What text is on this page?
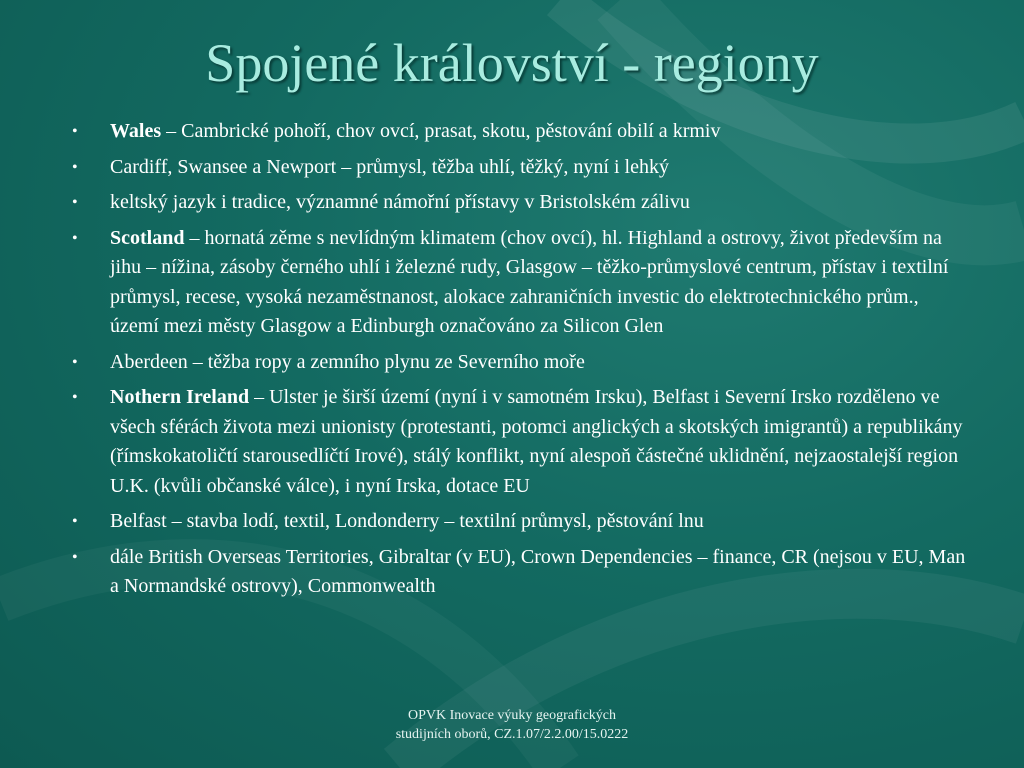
Spojené království - regiony
• Wales – Cambrické pohoří, chov ovcí, prasat, skotu, pěstování obilí a krmiv
• Cardiff, Swansee a Newport – průmysl, těžba uhlí, těžký, nyní i lehký
• keltský jazyk i tradice, významné námořní přístavy v Bristolském zálivu
• Scotland – hornatá zěme s nevlídným klimatem (chov ovcí), hl. Highland a ostrovy, život především na jihu – nížina, zásoby černého uhlí i železné rudy, Glasgow – těžko-průmyslové centrum, přístav i textilní průmysl, recese, vysoká nezaměstnanost, alokace zahraničních investic do elektrotechnického prům., území mezi městy Glasgow a Edinburgh označováno za Silicon Glen
• Aberdeen – těžba ropy a zemního plynu ze Severního moře
• Nothern Ireland – Ulster je širší území (nyní i v samotném Irsku), Belfast i Severní Irsko rozděleno ve všech sférách života mezi unionisty (protestanti, potomci anglických a skotských imigrantů) a republikány (římskokatoličtí starousedlíčtí Irové), stálý konflikt, nyní alespoň částečné uklidnění, nejzaostalejší region U.K. (kvůli občanské válce), i nyní Irska, dotace EU
• Belfast – stavba lodí, textil, Londonderry – textilní průmysl, pěstování lnu
• dále British Overseas Territories, Gibraltar (v EU), Crown Dependencies – finance, CR (nejsou v EU, Man a Normandské ostrovy), Commonwealth
OPVK Inovace výuky geografických
studijních oborů, CZ.1.07/2.2.00/15.0222
